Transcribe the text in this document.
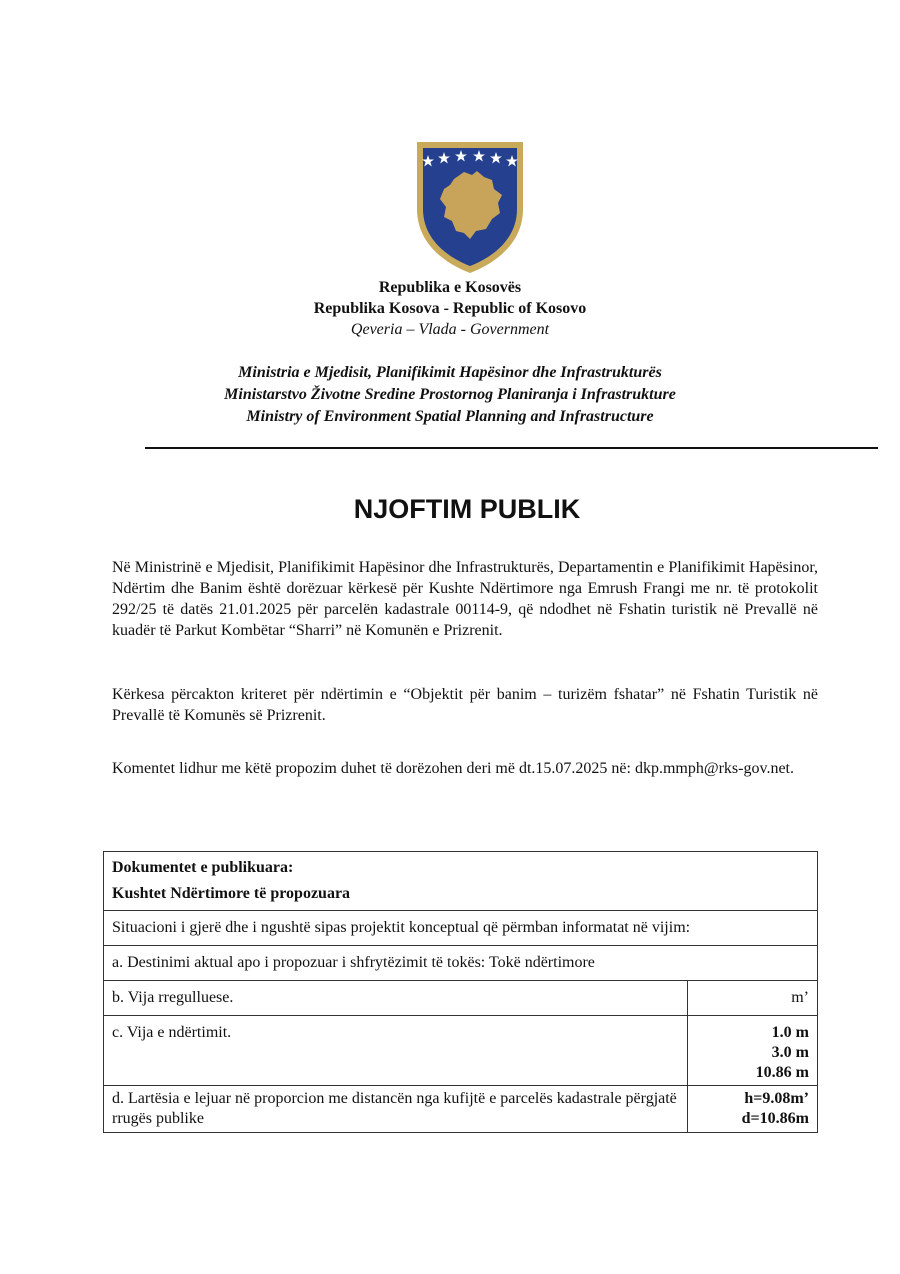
Republika e Kosovës
Republika Kosova - Republic of Kosovo
Qeveria – Vlada - Government
Ministria e Mjedisit, Planifikimit Hapësinor dhe Infrastrukturës
Ministarstvo Životne Sredine Prostornog Planiranja i Infrastrukture
Ministry of Environment Spatial Planning and Infrastructure
NJOFTIM PUBLIK
Në Ministrinë e Mjedisit, Planifikimit Hapësinor dhe Infrastrukturës, Departamentin e Planifikimit Hapësinor, Ndërtim dhe Banim është dorëzuar kërkesë për Kushte Ndërtimore nga Emrush Frangi me nr. të protokolit 292/25 të datës 21.01.2025 për parcelën kadastrale 00114-9, që ndodhet në Fshatin turistik në Prevallë në kuadër të Parkut Kombëtar “Sharri” në Komunën e Prizrenit.
Kërkesa përcakton kriteret për ndërtimin e “Objektit për banim – turizëm fshatar” në Fshatin Turistik në Prevallë të Komunës së Prizrenit.
Komentet lidhur me këtë propozim duhet të dorëzohen deri më dt.15.07.2025 në: dkp.mmph@rks-gov.net.
Dokumentet e publikuara:
Kushtet Ndërtimore të propozuara	

Situacioni i gjerë dhe i ngushtë sipas projektit konceptual që përmban informatat në vijim:	
a. Destinimi aktual apo i propozuar i shfrytëzimit të tokës: Tokë ndërtimore	
b. Vija rregulluese.	m’
c. Vija e ndërtimit.	1.0 m
3.0 m
10.86 m

d. Lartësia e lejuar në proporcion me distancën nga kufijtë e parcelës kadastrale përgjatë rrugës publike	h=9.08m’
d=10.86m
